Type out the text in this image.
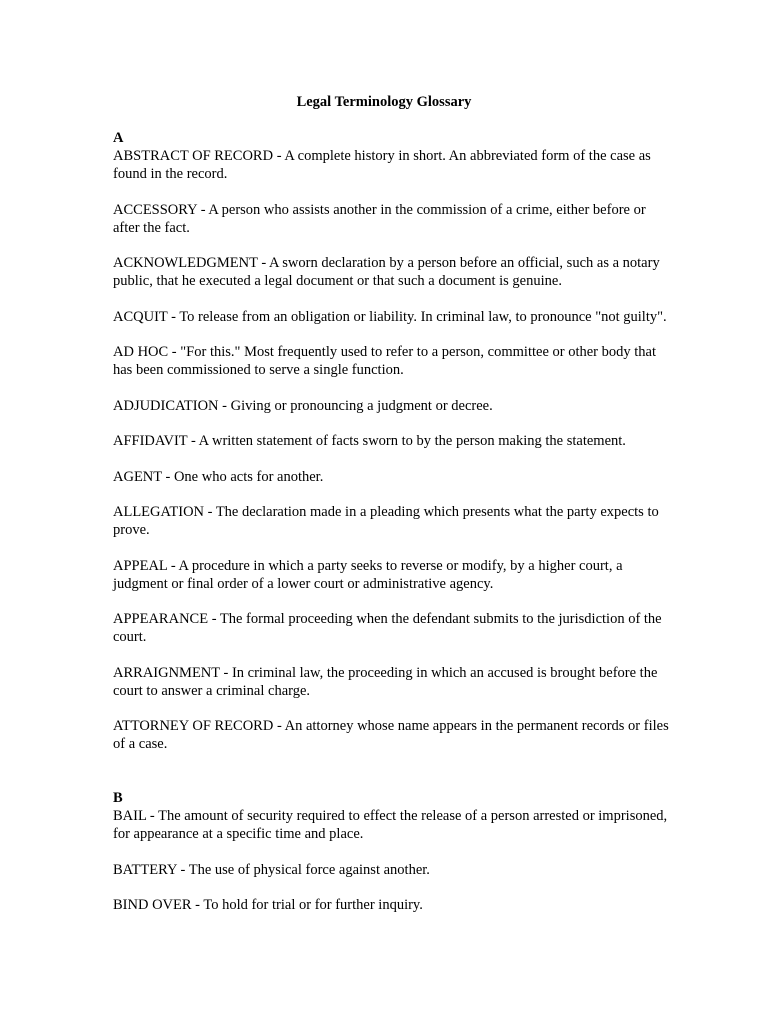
Legal Terminology Glossary

A

ABSTRACT OF RECORD - A complete history in short. An abbreviated form of the case as found in the record.

ACCESSORY - A person who assists another in the commission of a crime, either before or after the fact.

ACKNOWLEDGMENT - A sworn declaration by a person before an official, such as a notary public, that he executed a legal document or that such a document is genuine.

ACQUIT - To release from an obligation or liability. In criminal law, to pronounce "not guilty".

AD HOC - "For this." Most frequently used to refer to a person, committee or other body that has been commissioned to serve a single function.

ADJUDICATION - Giving or pronouncing a judgment or decree.

AFFIDAVIT - A written statement of facts sworn to by the person making the statement.

AGENT - One who acts for another.

ALLEGATION - The declaration made in a pleading which presents what the party expects to prove.

APPEAL - A procedure in which a party seeks to reverse or modify, by a higher court, a judgment or final order of a lower court or administrative agency.

APPEARANCE - The formal proceeding when the defendant submits to the jurisdiction of the court.

ARRAIGNMENT - In criminal law, the proceeding in which an accused is brought before the court to answer a criminal charge.

ATTORNEY OF RECORD - An attorney whose name appears in the permanent records or files of a case.

B

BAIL - The amount of security required to effect the release of a person arrested or imprisoned, for appearance at a specific time and place.

BATTERY - The use of physical force against another.

BIND OVER - To hold for trial or for further inquiry.
